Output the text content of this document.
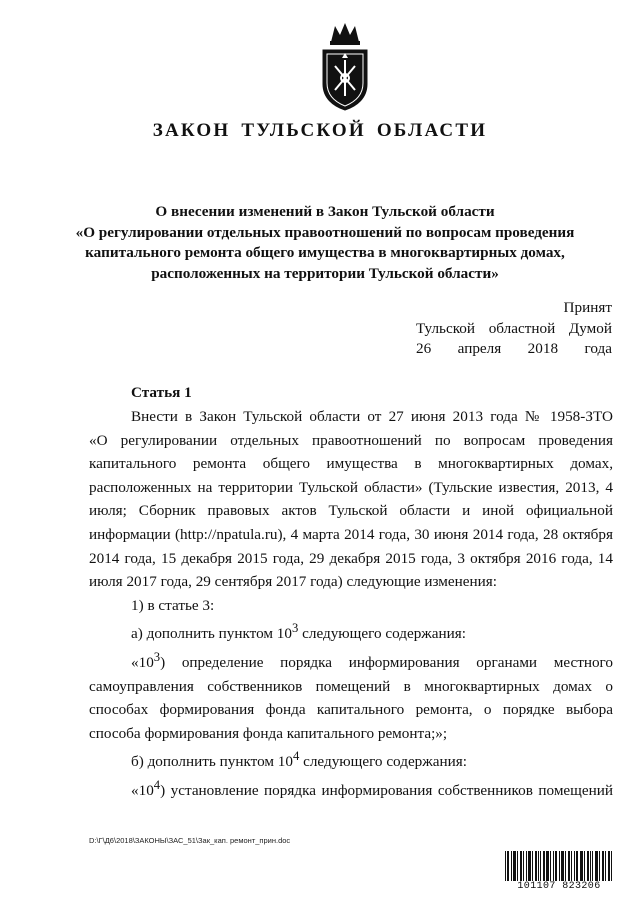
ЗАКОН ТУЛЬСКОЙ ОБЛАСТИ
О внесении изменений в Закон Тульской области
«О регулировании отдельных правоотношений по вопросам проведения
капитального ремонта общего имущества в многоквартирных домах,
расположенных на территории Тульской области»
Принят
Тульской областной Думой
26 апреля 2018 года
Статья 1
Внести в Закон Тульской области от 27 июня 2013 года № 1958-ЗТО
«О регулировании отдельных правоотношений по вопросам проведения
капитального ремонта общего имущества в многоквартирных домах,
расположенных на территории Тульской области» (Тульские известия, 2013, 4
июля; Сборник правовых актов Тульской области и иной официальной
информации (http://npatula.ru), 4 марта 2014 года, 30 июня 2014 года, 28 октября
2014 года, 15 декабря 2015 года, 29 декабря 2015 года, 3 октября 2016 года, 14
июля 2017 года, 29 сентября 2017 года) следующие изменения:
1) в статье 3:
а) дополнить пунктом $10^3$ следующего содержания:
«$10^3$) определение порядка информирования органами местного
самоуправления собственников помещений в многоквартирных домах о
способах формирования фонда капитального ремонта, о порядке выбора
способа формирования фонда капитального ремонта;»;
б) дополнить пунктом $10^4$ следующего содержания:
«$10^4$) установление порядка информирования собственников помещений
D:\Г\Д6\2018\ЗАКОНЫ\ЗАС_51\Зак_кап. ремонт_прин.doc
101107 823206
